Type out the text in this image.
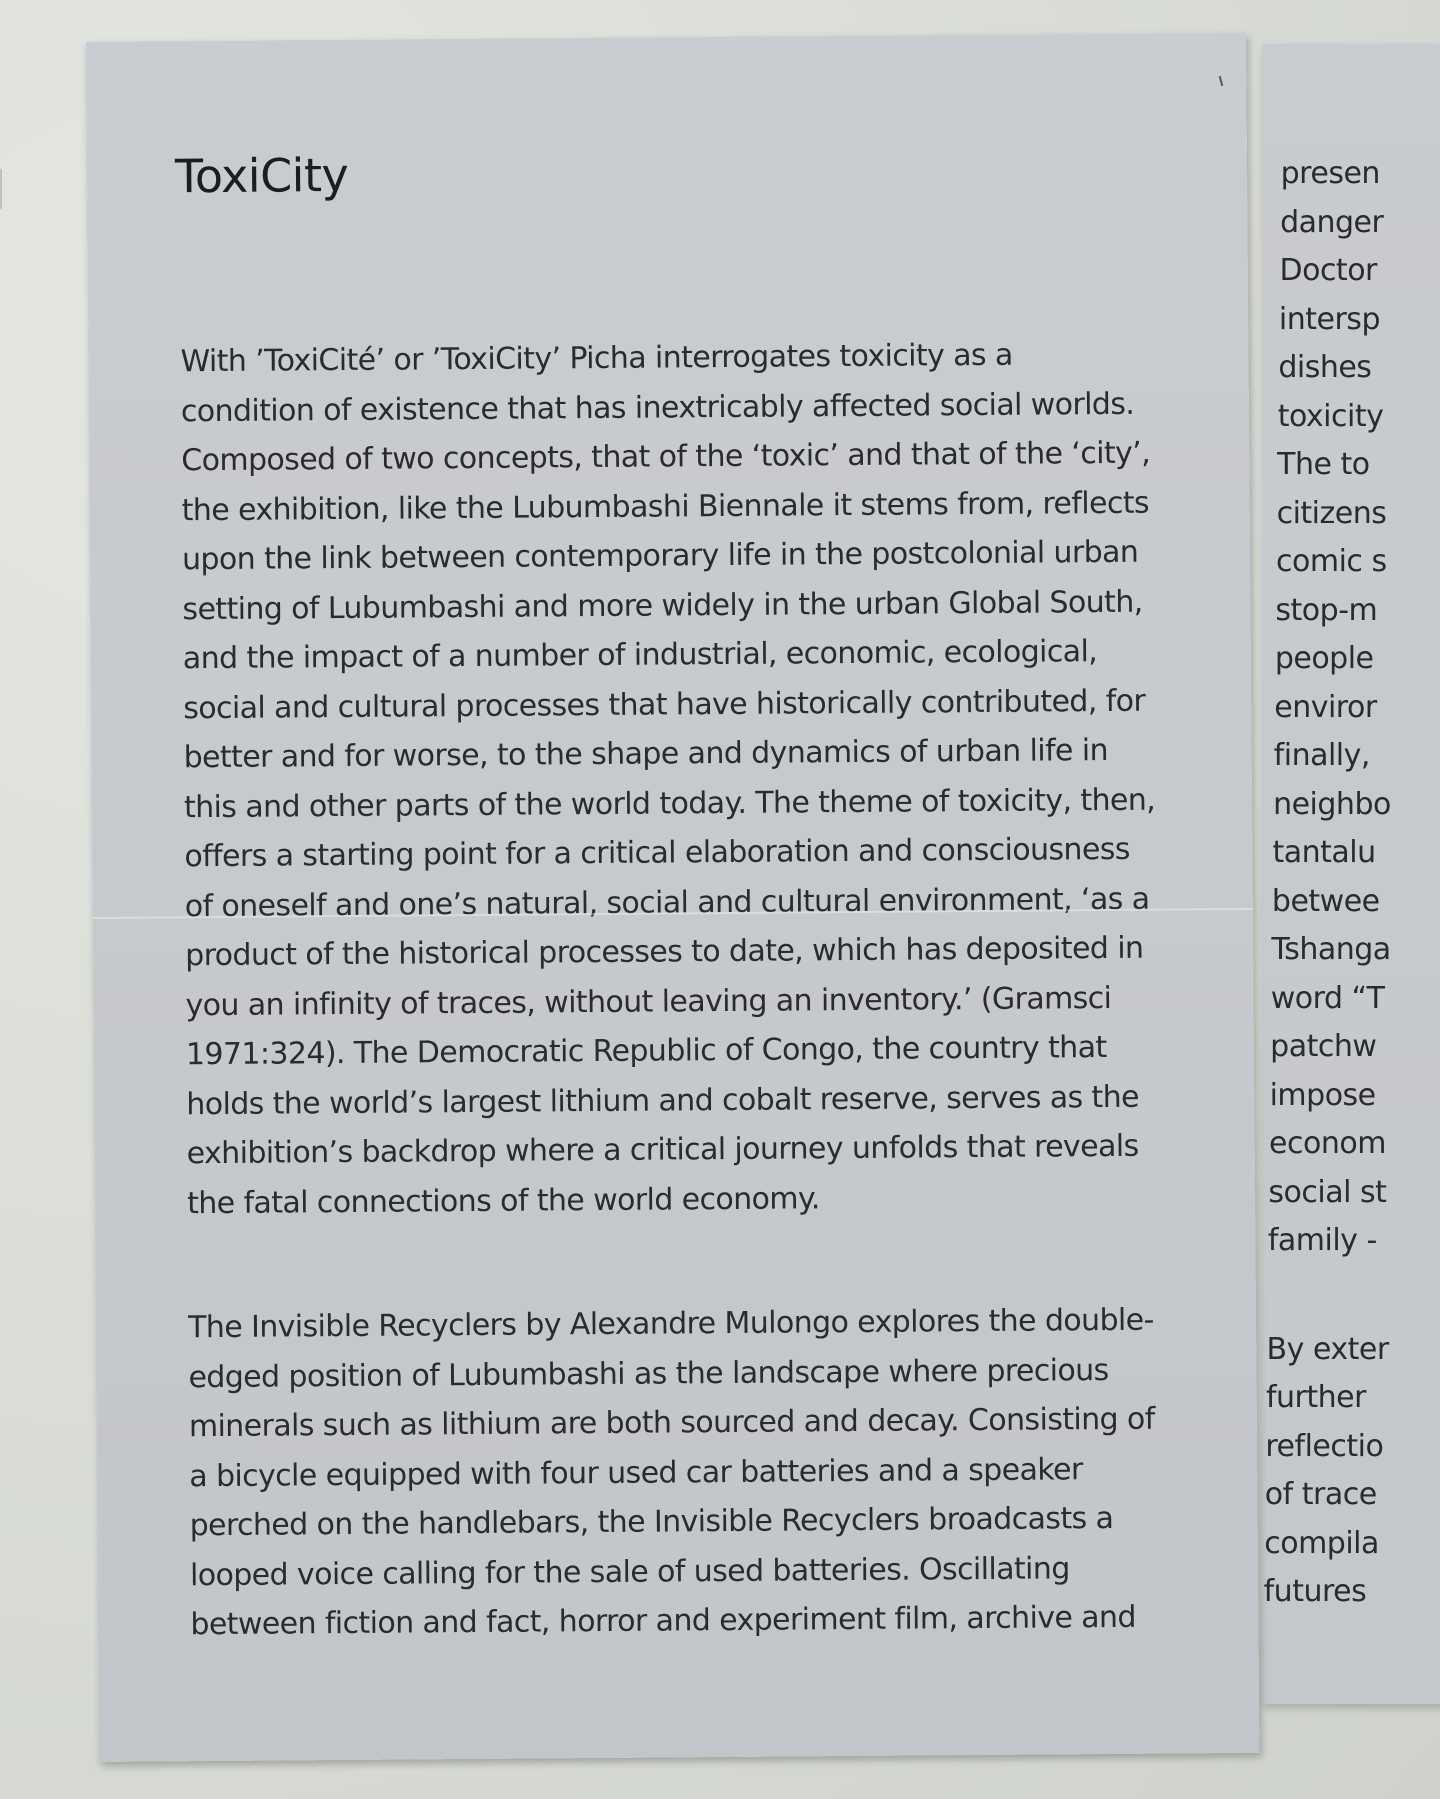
presen
danger
Doctor
intersp
dishes
toxicity
The to
citizens
comic s
stop-m
people
enviror
finally,
neighbo
tantalu
betwee
Tshanga
word “T
patchw
impose
econom
social st
family -
By exter
further
reflectio
of trace
compila
futures
ToxiCity
With ’ToxiCité’ or ’ToxiCity’ Picha interrogates toxicity as a
condition of existence that has inextricably affected social worlds.
Composed of two concepts, that of the ‘toxic’ and that of the ‘city’,
the exhibition, like the Lubumbashi Biennale it stems from, reflects
upon the link between contemporary life in the postcolonial urban
setting of Lubumbashi and more widely in the urban Global South,
and the impact of a number of industrial, economic, ecological,
social and cultural processes that have historically contributed, for
better and for worse, to the shape and dynamics of urban life in
this and other parts of the world today. The theme of toxicity, then,
offers a starting point for a critical elaboration and consciousness
of oneself and one’s natural, social and cultural environment, ‘as a
product of the historical processes to date, which has deposited in
you an infinity of traces, without leaving an inventory.’ (Gramsci
1971:324). The Democratic Republic of Congo, the country that
holds the world’s largest lithium and cobalt reserve, serves as the
exhibition’s backdrop where a critical journey unfolds that reveals
the fatal connections of the world economy.
The Invisible Recyclers by Alexandre Mulongo explores the double-
edged position of Lubumbashi as the landscape where precious
minerals such as lithium are both sourced and decay. Consisting of
a bicycle equipped with four used car batteries and a speaker
perched on the handlebars, the Invisible Recyclers broadcasts a
looped voice calling for the sale of used batteries. Oscillating
between fiction and fact, horror and experiment film, archive and
